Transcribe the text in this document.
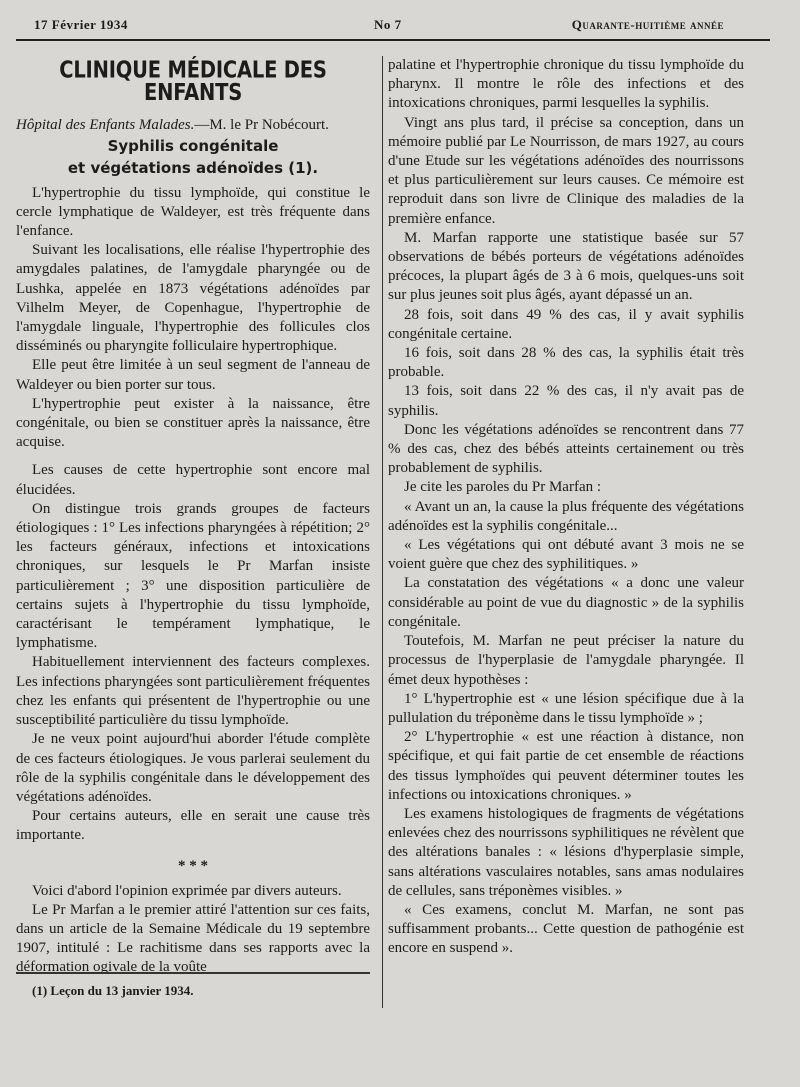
17 Février 1934	No 7	Quarante-huitième année

CLINIQUE MÉDICALE DES ENFANTS

Hôpital des Enfants Malades.—M. le Pr Nobécourt.

Syphilis congénitale

et végétations adénoïdes (1).

L'hypertrophie du tissu lymphoïde, qui constitue le cercle lymphatique de Waldeyer, est très fréquente dans l'enfance.

Suivant les localisations, elle réalise l'hypertrophie des amygdales palatines, de l'amygdale pharyngée ou de Lushka, appelée en 1873 végétations adénoïdes par Vilhelm Meyer, de Copenhague, l'hypertrophie de l'amygdale linguale, l'hypertrophie des follicules clos disséminés ou pharyngite folliculaire hypertrophique.

Elle peut être limitée à un seul segment de l'anneau de Waldeyer ou bien porter sur tous.

L'hypertrophie peut exister à la naissance, être congénitale, ou bien se constituer après la naissance, être acquise.

Les causes de cette hypertrophie sont encore mal élucidées.

On distingue trois grands groupes de facteurs étiologiques : 1° Les infections pharyngées à répétition; 2° les facteurs généraux, infections et intoxications chroniques, sur lesquels le Pr Marfan insiste particulièrement ; 3° une disposition particulière de certains sujets à l'hypertrophie du tissu lymphoïde, caractérisant le tempérament lymphatique, le lymphatisme.

Habituellement interviennent des facteurs complexes. Les infections pharyngées sont particulièrement fréquentes chez les enfants qui présentent de l'hypertrophie ou une susceptibilité particulière du tissu lymphoïde.

Je ne veux point aujourd'hui aborder l'étude complète de ces facteurs étiologiques. Je vous parlerai seulement du rôle de la syphilis congénitale dans le développement des végétations adénoïdes.

Pour certains auteurs, elle en serait une cause très importante.

* * *

Voici d'abord l'opinion exprimée par divers auteurs.

Le Pr Marfan a le premier attiré l'attention sur ces faits, dans un article de la Semaine Médicale du 19 septembre 1907, intitulé : Le rachitisme dans ses rapports avec la déformation ogivale de la voûte

(1) Leçon du 13 janvier 1934.

palatine et l'hypertrophie chronique du tissu lymphoïde du pharynx. Il montre le rôle des infections et des intoxications chroniques, parmi lesquelles la syphilis.

Vingt ans plus tard, il précise sa conception, dans un mémoire publié par Le Nourrisson, de mars 1927, au cours d'une Etude sur les végétations adénoïdes des nourrissons et plus particulièrement sur leurs causes. Ce mémoire est reproduit dans son livre de Clinique des maladies de la première enfance.

M. Marfan rapporte une statistique basée sur 57 observations de bébés porteurs de végétations adénoïdes précoces, la plupart âgés de 3 à 6 mois, quelques-uns soit sur plus jeunes soit plus âgés, ayant dépassé un an.

28 fois, soit dans 49 % des cas, il y avait syphilis congénitale certaine.

16 fois, soit dans 28 % des cas, la syphilis était très probable.

13 fois, soit dans 22 % des cas, il n'y avait pas de syphilis.

Donc les végétations adénoïdes se rencontrent dans 77 % des cas, chez des bébés atteints certainement ou très probablement de syphilis.

Je cite les paroles du Pr Marfan :

« Avant un an, la cause la plus fréquente des végétations adénoïdes est la syphilis congénitale...

« Les végétations qui ont débuté avant 3 mois ne se voient guère que chez des syphilitiques. »

La constatation des végétations « a donc une valeur considérable au point de vue du diagnostic » de la syphilis congénitale.

Toutefois, M. Marfan ne peut préciser la nature du processus de l'hyperplasie de l'amygdale pharyngée. Il émet deux hypothèses :

1° L'hypertrophie est « une lésion spécifique due à la pullulation du tréponème dans le tissu lymphoïde » ;

2° L'hypertrophie « est une réaction à distance, non spécifique, et qui fait partie de cet ensemble de réactions des tissus lymphoïdes qui peuvent déterminer toutes les infections ou intoxications chroniques. »

Les examens histologiques de fragments de végétations enlevées chez des nourrissons syphilitiques ne révèlent que des altérations banales : « lésions d'hyperplasie simple, sans altérations vasculaires notables, sans amas nodulaires de cellules, sans tréponèmes visibles. »

« Ces examens, conclut M. Marfan, ne sont pas suffisamment probants... Cette question de pathogénie est encore en suspend ».
